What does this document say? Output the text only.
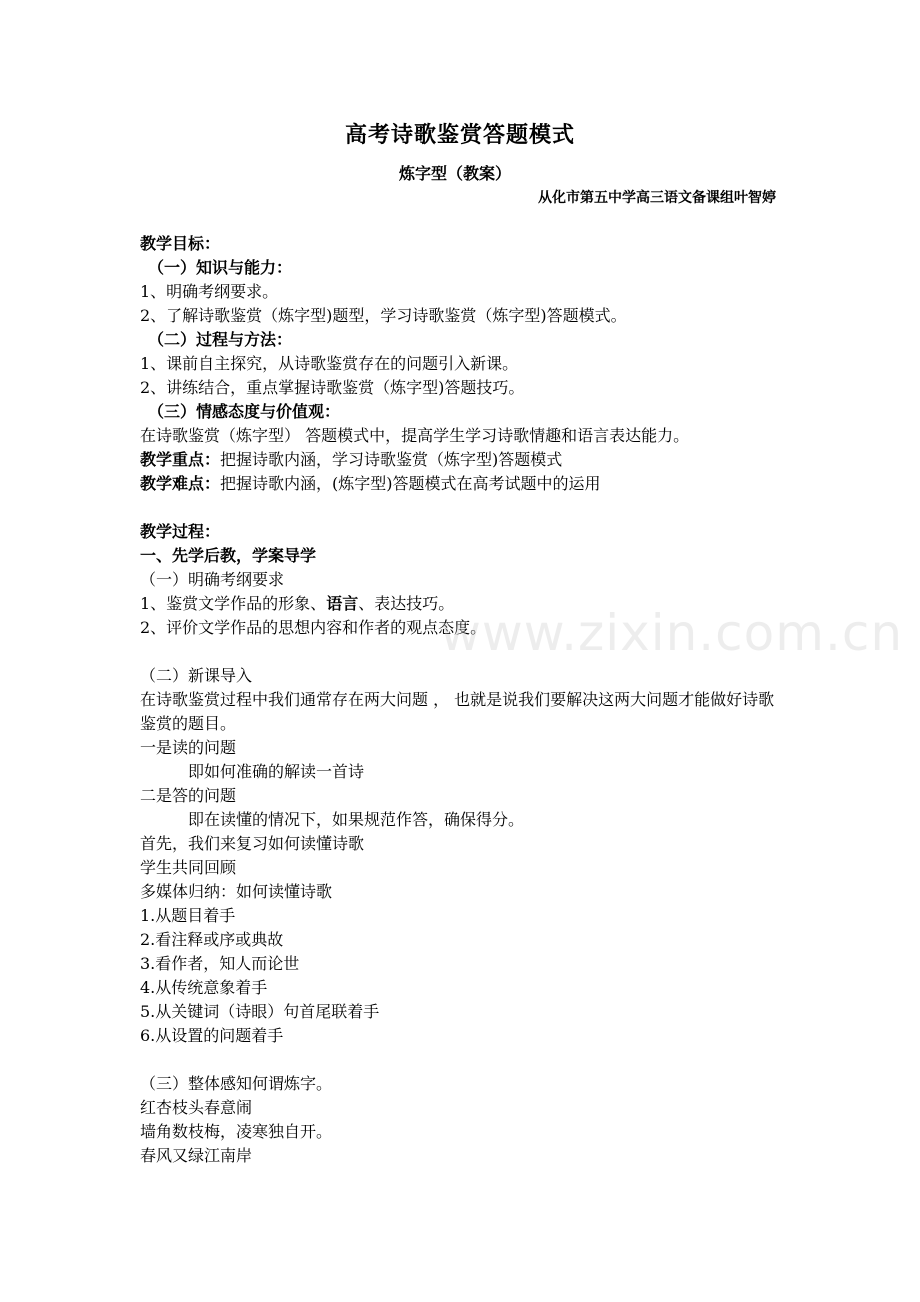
高考诗歌鉴赏答题模式
炼字型（教案）
从化市第五中学高三语文备课组叶智婷
教学目标：
（一）知识与能力：
1、明确考纲要求。
2、了解诗歌鉴赏（炼字型)题型，学习诗歌鉴赏（炼字型)答题模式。
（二）过程与方法：
1、课前自主探究，从诗歌鉴赏存在的问题引入新课。
2、讲练结合，重点掌握诗歌鉴赏（炼字型)答题技巧。
（三）情感态度与价值观：
在诗歌鉴赏（炼字型） 答题模式中，提高学生学习诗歌情趣和语言表达能力。
教学重点：把握诗歌内涵，学习诗歌鉴赏（炼字型)答题模式
教学难点：把握诗歌内涵，(炼字型)答题模式在高考试题中的运用
教学过程：
一、先学后教，学案导学
（一）明确考纲要求
1、鉴赏文学作品的形象、语言、表达技巧。
2、评价文学作品的思想内容和作者的观点态度。
（二）新课导入
在诗歌鉴赏过程中我们通常存在两大问题 ， 也就是说我们要解决这两大问题才能做好诗歌鉴赏的题目。
一是读的问题
即如何准确的解读一首诗
二是答的问题
即在读懂的情况下，如果规范作答，确保得分。
首先，我们来复习如何读懂诗歌
学生共同回顾
多媒体归纳：如何读懂诗歌
1.从题目着手
2.看注释或序或典故
3.看作者，知人而论世
4.从传统意象着手
5.从关键词（诗眼）句首尾联着手
6.从设置的问题着手
（三）整体感知何谓炼字。
红杏枝头春意闹
墙角数枝梅，凌寒独自开。
春风又绿江南岸
www.zixin.com.cn
